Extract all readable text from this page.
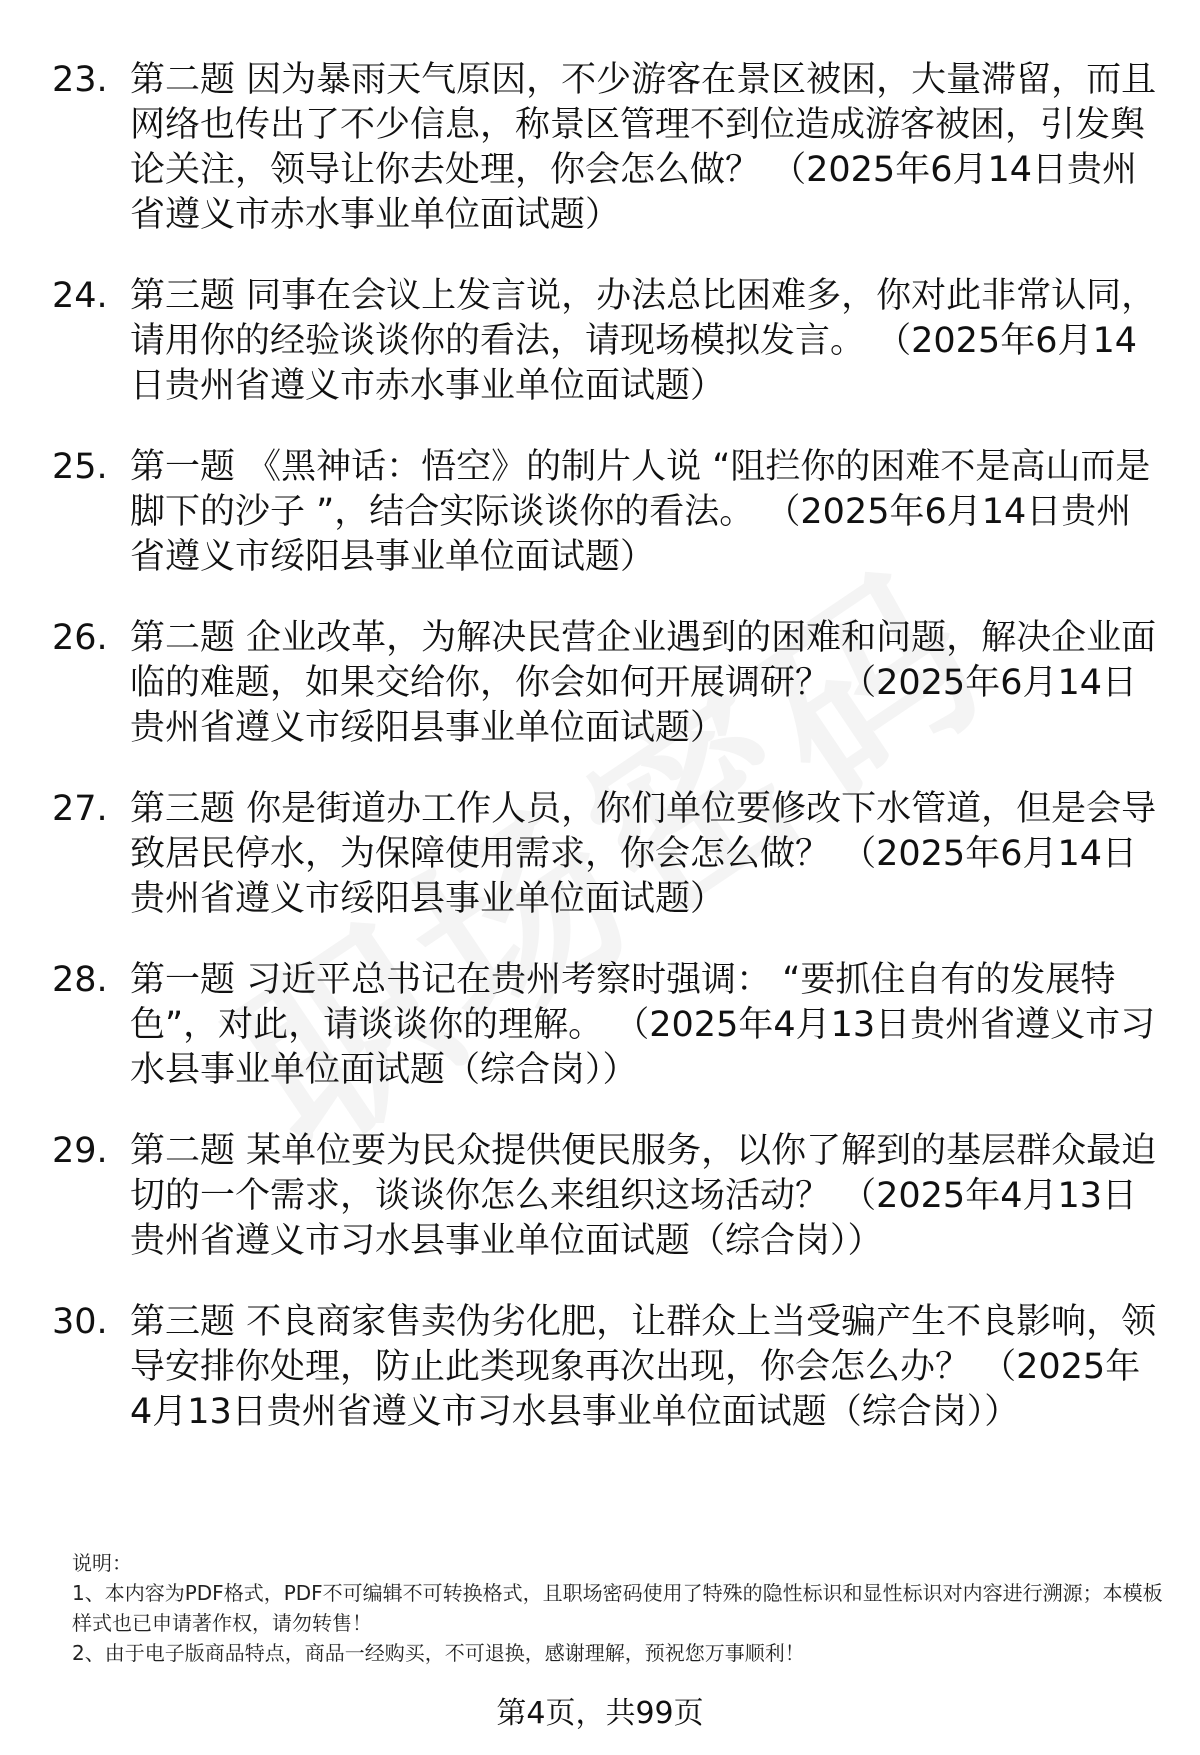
23. 第二题 因为暴雨天气原因，不少游客在景区被困，大量滞留，而且网络也传出了不少信息，称景区管理不到位造成游客被困，引发舆论关注，领导让你去处理，你会怎么做？ （2025年6月14日贵州省遵义市赤水事业单位面试题）
24. 第三题 同事在会议上发言说，办法总比困难多，你对此非常认同，请用你的经验谈谈你的看法，请现场模拟发言。 （2025年6月14日贵州省遵义市赤水事业单位面试题）
25. 第一题 《黑神话：悟空》的制片人说 “阻拦你的困难不是高山而是脚下的沙子 ”，结合实际谈谈你的看法。 （2025年6月14日贵州省遵义市绥阳县事业单位面试题）
26. 第二题 企业改革，为解决民营企业遇到的困难和问题，解决企业面临的难题，如果交给你，你会如何开展调研？ （2025年6月14日贵州省遵义市绥阳县事业单位面试题）
27. 第三题 你是街道办工作人员，你们单位要修改下水管道，但是会导致居民停水，为保障使用需求，你会怎么做？ （2025年6月14日贵州省遵义市绥阳县事业单位面试题）
28. 第一题 习近平总书记在贵州考察时强调： “要抓住自有的发展特色”，对此，请谈谈你的理解。 （2025年4月13日贵州省遵义市习水县事业单位面试题（综合岗））
29. 第二题 某单位要为民众提供便民服务，以你了解到的基层群众最迫切的一个需求，谈谈你怎么来组织这场活动？ （2025年4月13日贵州省遵义市习水县事业单位面试题（综合岗））
30. 第三题 不良商家售卖伪劣化肥，让群众上当受骗产生不良影响，领导安排你处理，防止此类现象再次出现，你会怎么办？ （2025年4月13日贵州省遵义市习水县事业单位面试题（综合岗））
说明：
1、本内容为PDF格式，PDF不可编辑不可转换格式，且职场密码使用了特殊的隐性标识和显性标识对内容进行溯源；本模板样式也已申请著作权，请勿转售！
2、由于电子版商品特点，商品一经购买，不可退换，感谢理解，预祝您万事顺利！
第4页，共99页
